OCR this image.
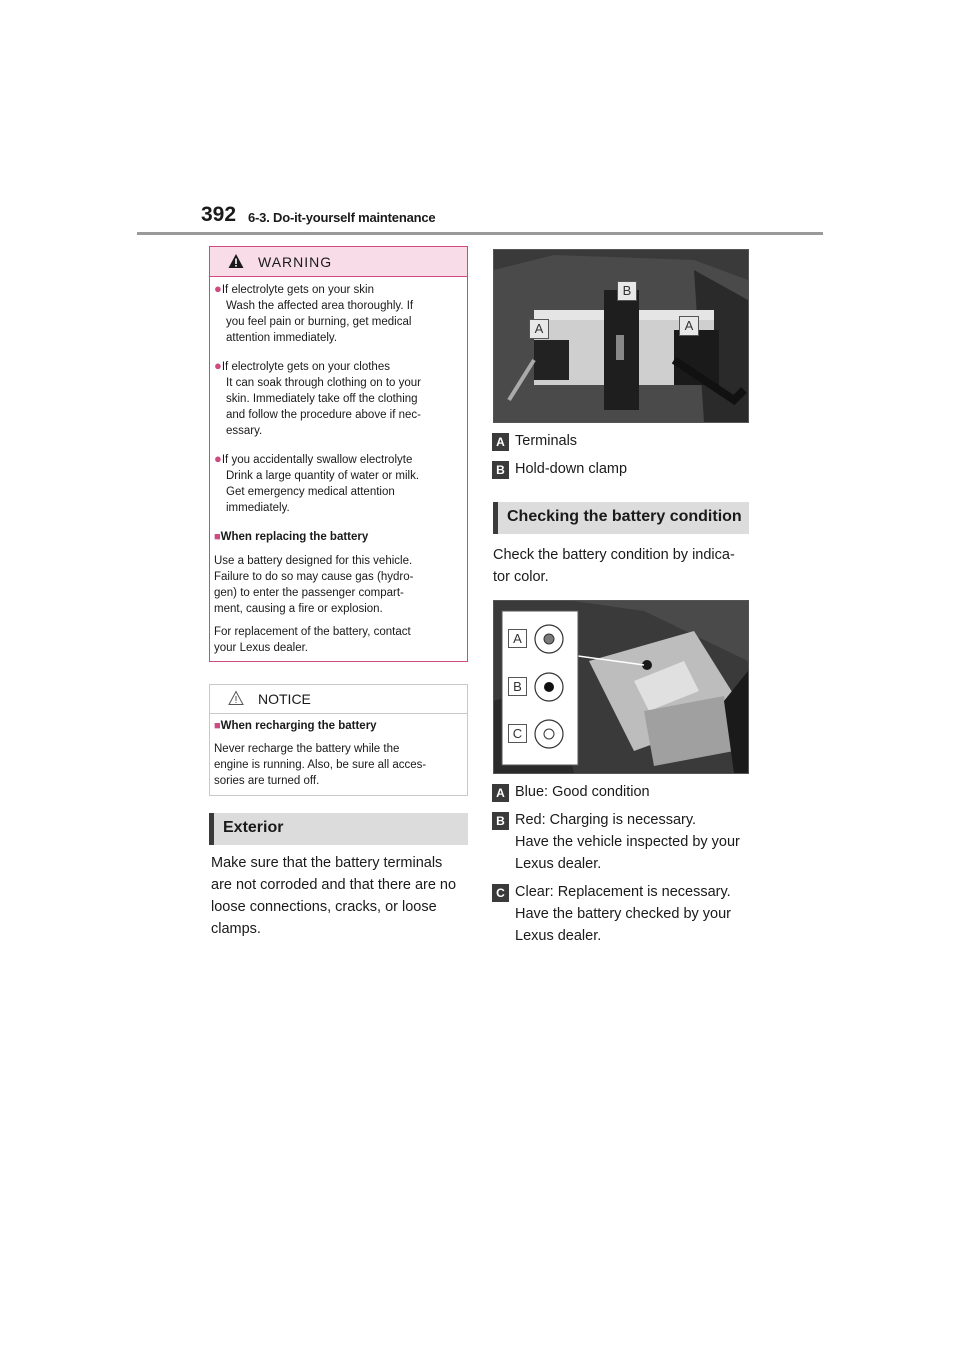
392 6-3. Do-it-yourself maintenance
WARNING
●If electrolyte gets on your skin
Wash the affected area thoroughly. If
you feel pain or burning, get medical
attention immediately.
●If electrolyte gets on your clothes
It can soak through clothing on to your
skin. Immediately take off the clothing
and follow the procedure above if nec-
essary.
●If you accidentally swallow electrolyte
Drink a large quantity of water or milk.
Get emergency medical attention
immediately.
■When replacing the battery
Use a battery designed for this vehicle.
Failure to do so may cause gas (hydro-
gen) to enter the passenger compart-
ment, causing a fire or explosion.
For replacement of the battery, contact
your Lexus dealer.
NOTICE
■When recharging the battery
Never recharge the battery while the
engine is running. Also, be sure all acces-
sories are turned off.
Exterior
Make sure that the battery terminals
are not corroded and that there are no
loose connections, cracks, or loose
clamps.
B
A	A
A Terminals
B Hold-down clamp
Checking the battery condition
Check the battery condition by indica-
tor color.
A
B
C
A Blue: Good condition
B Red: Charging is necessary.
Have the vehicle inspected by your
Lexus dealer.
C Clear: Replacement is necessary.
Have the battery checked by your
Lexus dealer.
